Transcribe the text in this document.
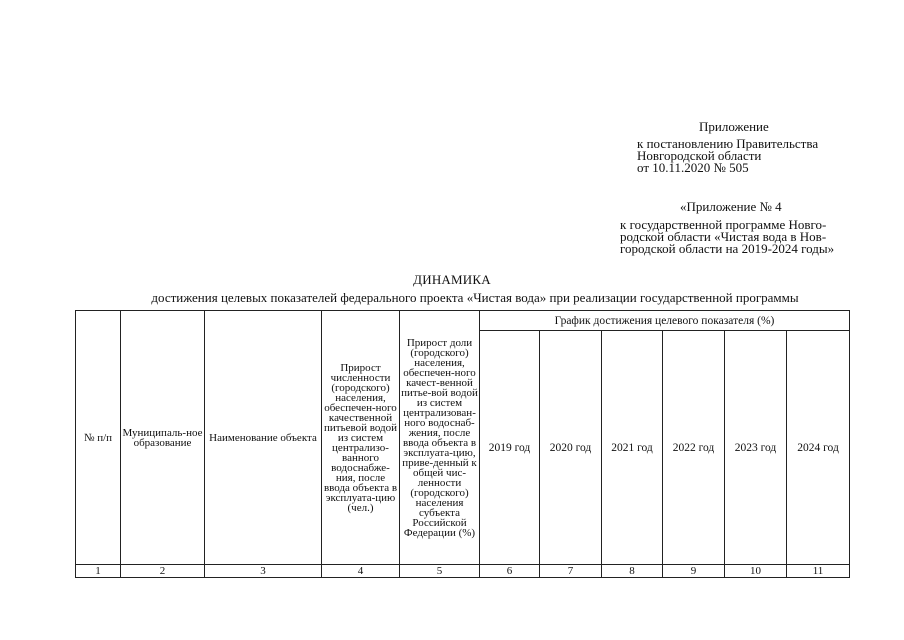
Приложение
к постановлению Правительства
Новгородской области
от 10.11.2020 № 505
«Приложение № 4
к государственной программе Новго-
родской области «Чистая вода в Нов-
городской области на 2019-2024 годы»
ДИНАМИКА
достижения целевых показателей федерального проекта «Чистая вода» при реализации государственной программы
№ п/п	Муниципаль-ное образование	Наименование объекта	Прирост численности (городского) населения, обеспечен-ного качественной питьевой водой из систем централизо-ванного водоснабже-ния, после ввода объекта в эксплуата-цию (чел.)	Прирост доли (городского) населения, обеспечен-ного качест-венной питье-вой водой из систем централизован-ного водоснаб-жения, после ввода объекта в эксплуата-цию, приве-денный к общей чис-ленности (городского) населения субъекта Российской Федерации (%)	График достижения целевого показателя (%)					
					2019 год	2020 год	2021 год	2022 год	2023 год	2024 год
1	2	3	4	5	6	7	8	9	10	11
